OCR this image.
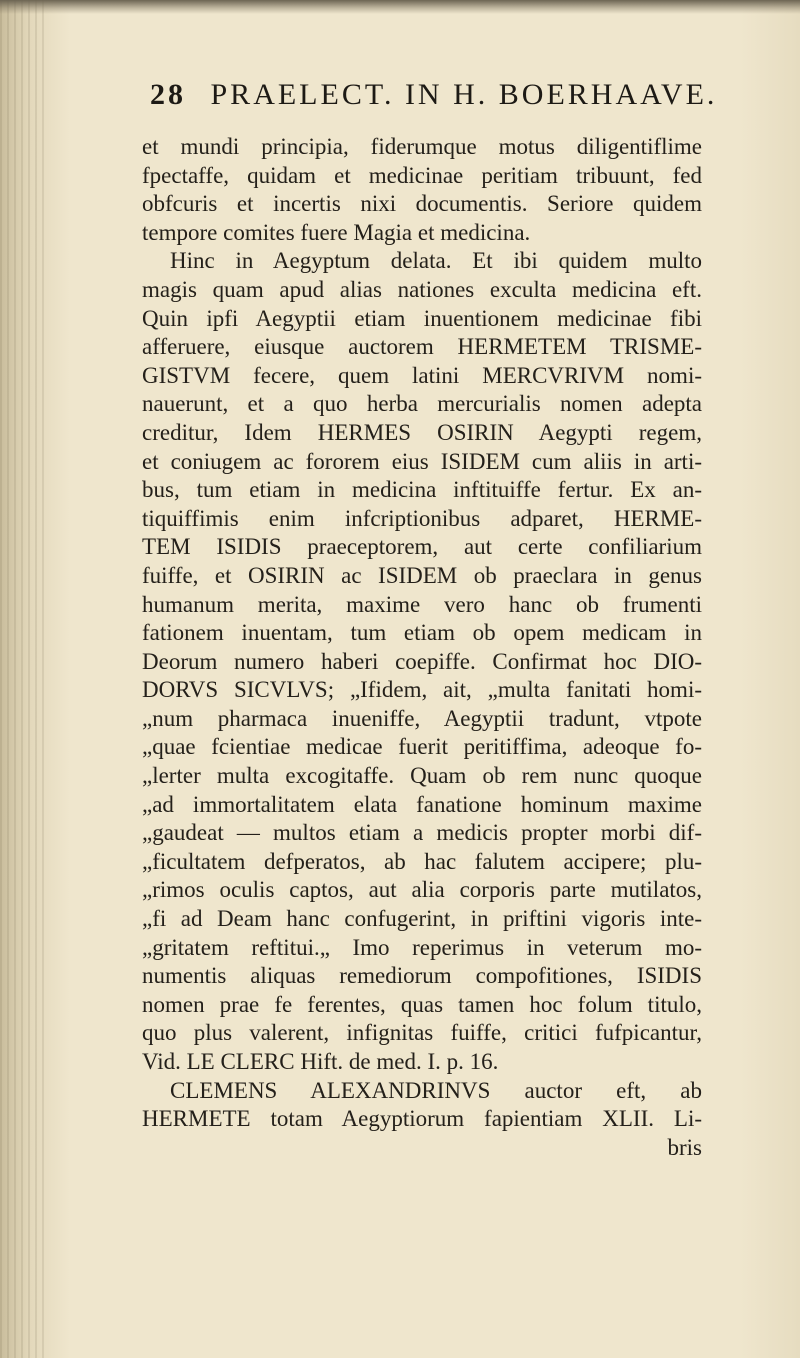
28 PRAELECT. IN H. BOERHAAVE.
et mundi principia, fiderumque motus diligentiflime
fpectaffe, quidam et medicinae peritiam tribuunt, fed
obfcuris et incertis nixi documentis. Seriore quidem
tempore comites fuere Magia et medicina.
Hinc in Aegyptum delata. Et ibi quidem multo
magis quam apud alias nationes exculta medicina eft.
Quin ipfi Aegyptii etiam inuentionem medicinae fibi
afferuere, eiusque auctorem HERMETEM TRISME-
GISTVM fecere, quem latini MERCVRIVM nomi-
nauerunt, et a quo herba mercurialis nomen adepta
creditur, Idem HERMES OSIRIN Aegypti regem,
et coniugem ac fororem eius ISIDEM cum aliis in arti-
bus, tum etiam in medicina inftituiffe fertur. Ex an-
tiquiffimis enim infcriptionibus adparet, HERME-
TEM ISIDIS praeceptorem, aut certe confiliarium
fuiffe, et OSIRIN ac ISIDEM ob praeclara in genus
humanum merita, maxime vero hanc ob frumenti
fationem inuentam, tum etiam ob opem medicam in
Deorum numero haberi coepiffe. Confirmat hoc DIO-
DORVS SICVLVS; „Ifidem, ait, „multa fanitati homi-
„num pharmaca inueniffe, Aegyptii tradunt, vtpote
„quae fcientiae medicae fuerit peritiffima, adeoque fo-
„lerter multa excogitaffe. Quam ob rem nunc quoque
„ad immortalitatem elata fanatione hominum maxime
„gaudeat — multos etiam a medicis propter morbi dif-
„ficultatem defperatos, ab hac falutem accipere; plu-
„rimos oculis captos, aut alia corporis parte mutilatos,
„fi ad Deam hanc confugerint, in priftini vigoris inte-
„gritatem reftitui.„ Imo reperimus in veterum mo-
numentis aliquas remediorum compofitiones, ISIDIS
nomen prae fe ferentes, quas tamen hoc folum titulo,
quo plus valerent, infignitas fuiffe, critici fufpicantur,
Vid. LE CLERC Hift. de med. I. p. 16.
CLEMENS ALEXANDRINVS auctor eft, ab
HERMETE totam Aegyptiorum fapientiam XLII. Li-
bris
